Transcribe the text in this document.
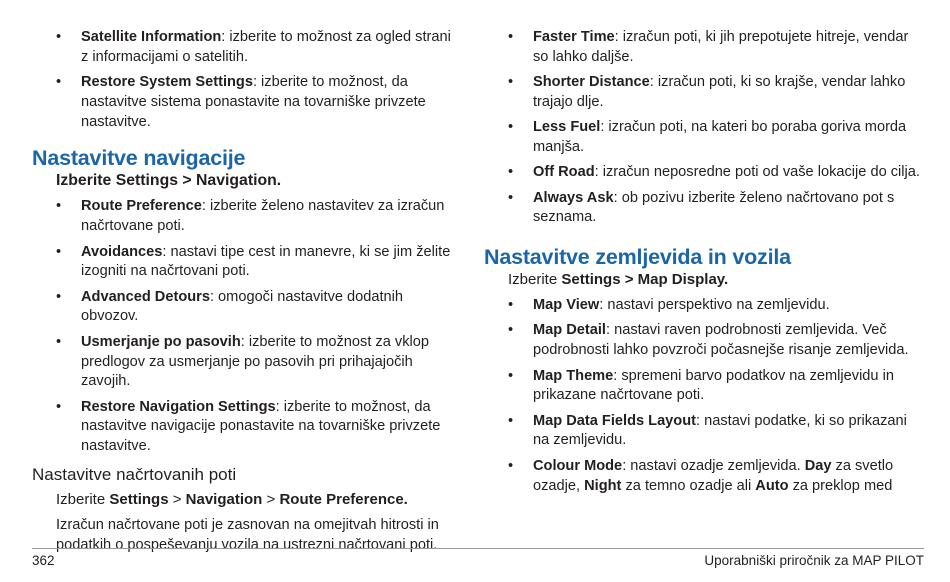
• Satellite Information: izberite to možnost za ogled strani z informacijami o satelitih.
• Restore System Settings: izberite to možnost, da nastavitve sistema ponastavite na tovarniške privzete nastavitve.
Nastavitve navigacije
Izberite Settings > Navigation.
• Route Preference: izberite želeno nastavitev za izračun načrtovane poti.
• Avoidances: nastavi tipe cest in manevre, ki se jim želite izogniti na načrtovani poti.
• Advanced Detours: omogoči nastavitve dodatnih obvozov.
• Usmerjanje po pasovih: izberite to možnost za vklop predlogov za usmerjanje po pasovih pri prihajajočih zavojih.
• Restore Navigation Settings: izberite to možnost, da nastavitve navigacije ponastavite na tovarniške privzete nastavitve.
Nastavitve načrtovanih poti
Izberite Settings > Navigation > Route Preference.

Izračun načrtovane poti je zasnovan na omejitvah hitrosti in podatkih o pospeševanju vozila na ustrezni načrtovani poti.

• Faster Time: izračun poti, ki jih prepotujete hitreje, vendar so lahko daljše.
• Shorter Distance: izračun poti, ki so krajše, vendar lahko trajajo dlje.
• Less Fuel: izračun poti, na kateri bo poraba goriva morda manjša.
• Off Road: izračun neposredne poti od vaše lokacije do cilja.
• Always Ask: ob pozivu izberite želeno načrtovano pot s seznama.
Nastavitve zemljevida in vozila
Izberite Settings > Map Display.
• Map View: nastavi perspektivo na zemljevidu.
• Map Detail: nastavi raven podrobnosti zemljevida. Več podrobnosti lahko povzroči počasnejše risanje zemljevida.
• Map Theme: spremeni barvo podatkov na zemljevidu in prikazane načrtovane poti.
• Map Data Fields Layout: nastavi podatke, ki so prikazani na zemljevidu.
• Colour Mode: nastavi ozadje zemljevida. Day za svetlo ozadje, Night za temno ozadje ali Auto za preklop med
362	Uporabniški priročnik za MAP PILOT
